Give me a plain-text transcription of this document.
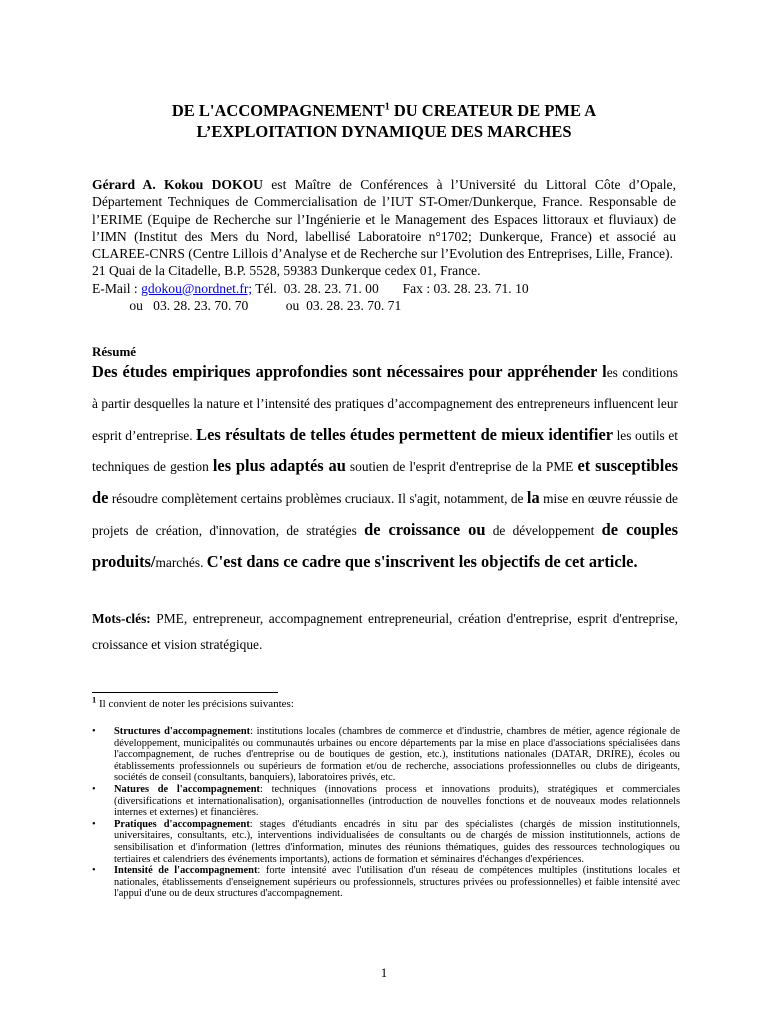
DE L'ACCOMPAGNEMENT$^1$ DU CREATEUR DE PME A
L’EXPLOITATION DYNAMIQUE DES MARCHES
Gérard A. Kokou DOKOU est Maître de Conférences à l’Université du Littoral Côte d’Opale, Département Techniques de Commercialisation de l’IUT ST-Omer/Dunkerque, France. Responsable de l’ERIME (Equipe de Recherche sur l’Ingénierie et le Management des Espaces littoraux et fluviaux) de l’IMN (Institut des Mers du Nord, labellisé Laboratoire n°1702; Dunkerque, France) et associé au CLAREE-CNRS (Centre Lillois d’Analyse et de Recherche sur l’Evolution des Entreprises, Lille, France).
21 Quai de la Citadelle, B.P. 5528, 59383 Dunkerque cedex 01, France.
E-Mail : gdokou@nordnet.fr; Tél.  03. 28. 23. 71. 00       Fax : 03. 28. 23. 71. 10
ou   03. 28. 23. 70. 70           ou  03. 28. 23. 70. 71
Résumé
Des études empiriques approfondies sont nécessaires pour appréhender les conditions à partir desquelles la nature et l’intensité des pratiques d’accompagnement des entrepreneurs influencent leur esprit d’entreprise. Les résultats de telles études permettent de mieux identifier les outils et techniques de gestion les plus adaptés au soutien de l'esprit d'entreprise de la PME et susceptibles de résoudre complètement certains problèmes cruciaux. Il s'agit, notamment, de la mise en œuvre réussie de projets de création, d'innovation, de stratégies de croissance ou de développement de couples produits/marchés. C'est dans ce cadre que s'inscrivent les objectifs de cet article.
Mots-clés: PME, entrepreneur, accompagnement entrepreneurial, création d'entreprise, esprit d'entreprise, croissance et vision stratégique.
$^1$ Il convient de noter les précisions suivantes:
• Structures d'accompagnement: institutions locales (chambres de commerce et d'industrie, chambres de métier, agence régionale de développement, municipalités ou communautés urbaines ou encore départements par la mise en place d'associations spécialisées dans l'accompagnement, de ruches d'entreprise ou de boutiques de gestion, etc.), institutions nationales (DATAR, DRIRE), écoles ou établissements professionnels ou supérieurs de formation et/ou de recherche, associations professionnelles ou clubs de dirigeants, sociétés de conseil (consultants, banquiers), laboratoires privés, etc.
• Natures de l'accompagnement: techniques (innovations process et innovations produits), stratégiques et commerciales (diversifications et internationalisation), organisationnelles (introduction de nouvelles fonctions et de nouveaux modes relationnels internes et externes) et financières.
• Pratiques d'accompagnement: stages d'étudiants encadrés in situ par des spécialistes (chargés de mission institutionnels, universitaires, consultants, etc.), interventions individualisées de consultants ou de chargés de mission institutionnels, actions de sensibilisation et d'information (lettres d'information, minutes des réunions thématiques, guides des ressources technologiques ou tertiaires et calendriers des événements importants), actions de formation et séminaires d'échanges d'expériences.
• Intensité de l'accompagnement: forte intensité avec l'utilisation d'un réseau de compétences multiples (institutions locales et nationales, établissements d'enseignement supérieurs ou professionnels, structures privées ou professionnelles) et faible intensité avec l'appui d'une ou de deux structures d'accompagnement.
1
